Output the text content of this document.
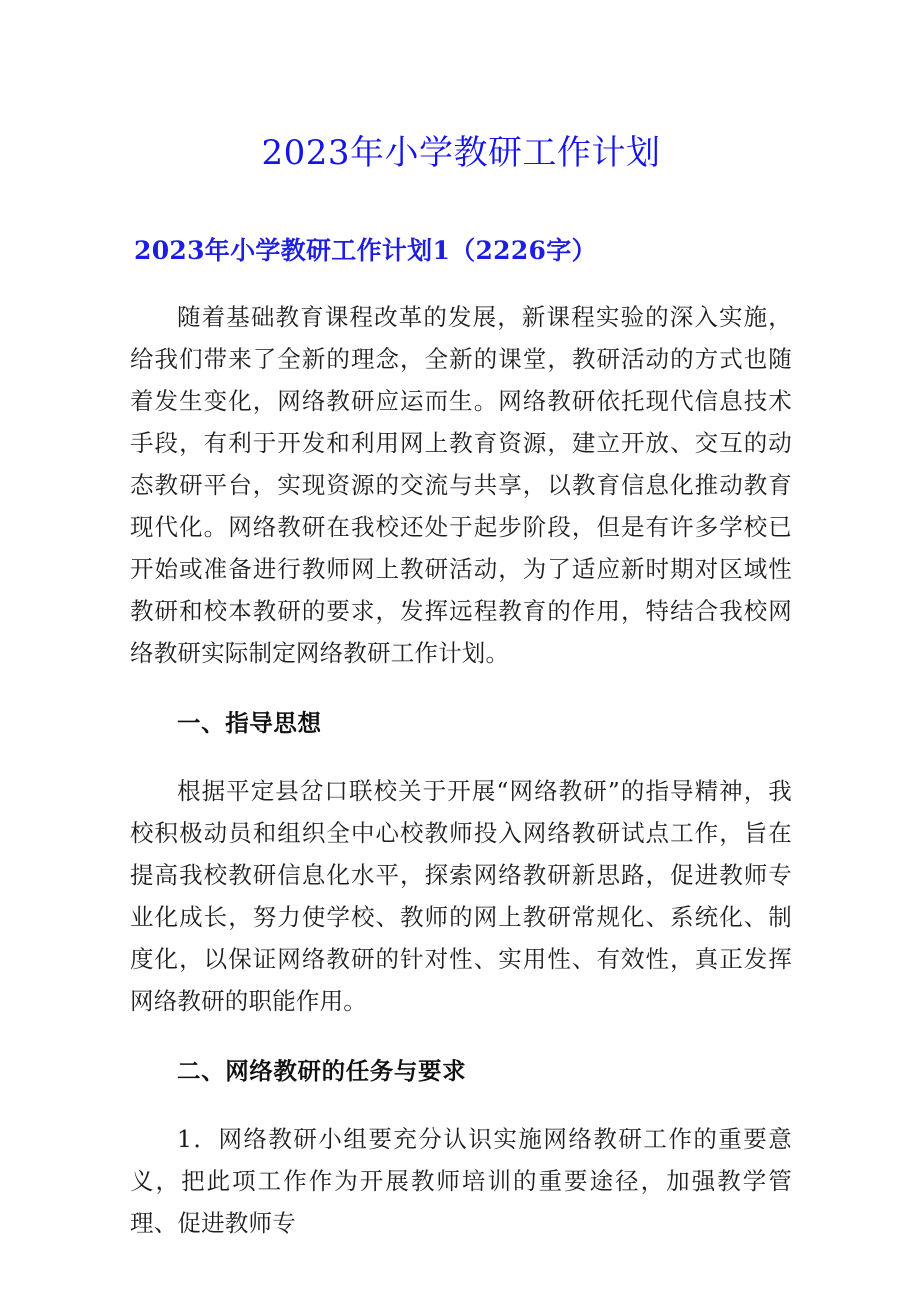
2023年小学教研工作计划
2023年小学教研工作计划1（2226字）

随着基础教育课程改革的发展，新课程实验的深入实施，给我们带来了全新的理念，全新的课堂，教研活动的方式也随着发生变化，网络教研应运而生。网络教研依托现代信息技术手段，有利于开发和利用网上教育资源，建立开放、交互的动态教研平台，实现资源的交流与共享，以教育信息化推动教育现代化。网络教研在我校还处于起步阶段，但是有许多学校已开始或准备进行教师网上教研活动，为了适应新时期对区域性教研和校本教研的要求，发挥远程教育的作用，特结合我校网络教研实际制定网络教研工作计划。

一、指导思想

根据平定县岔口联校关于开展“网络教研”的指导精神，我校积极动员和组织全中心校教师投入网络教研试点工作，旨在提高我校教研信息化水平，探索网络教研新思路，促进教师专业化成长，努力使学校、教师的网上教研常规化、系统化、制度化，以保证网络教研的针对性、实用性、有效性，真正发挥网络教研的职能作用。

二、网络教研的任务与要求

1．网络教研小组要充分认识实施网络教研工作的重要意义，把此项工作作为开展教师培训的重要途径，加强教学管理、促进教师专
